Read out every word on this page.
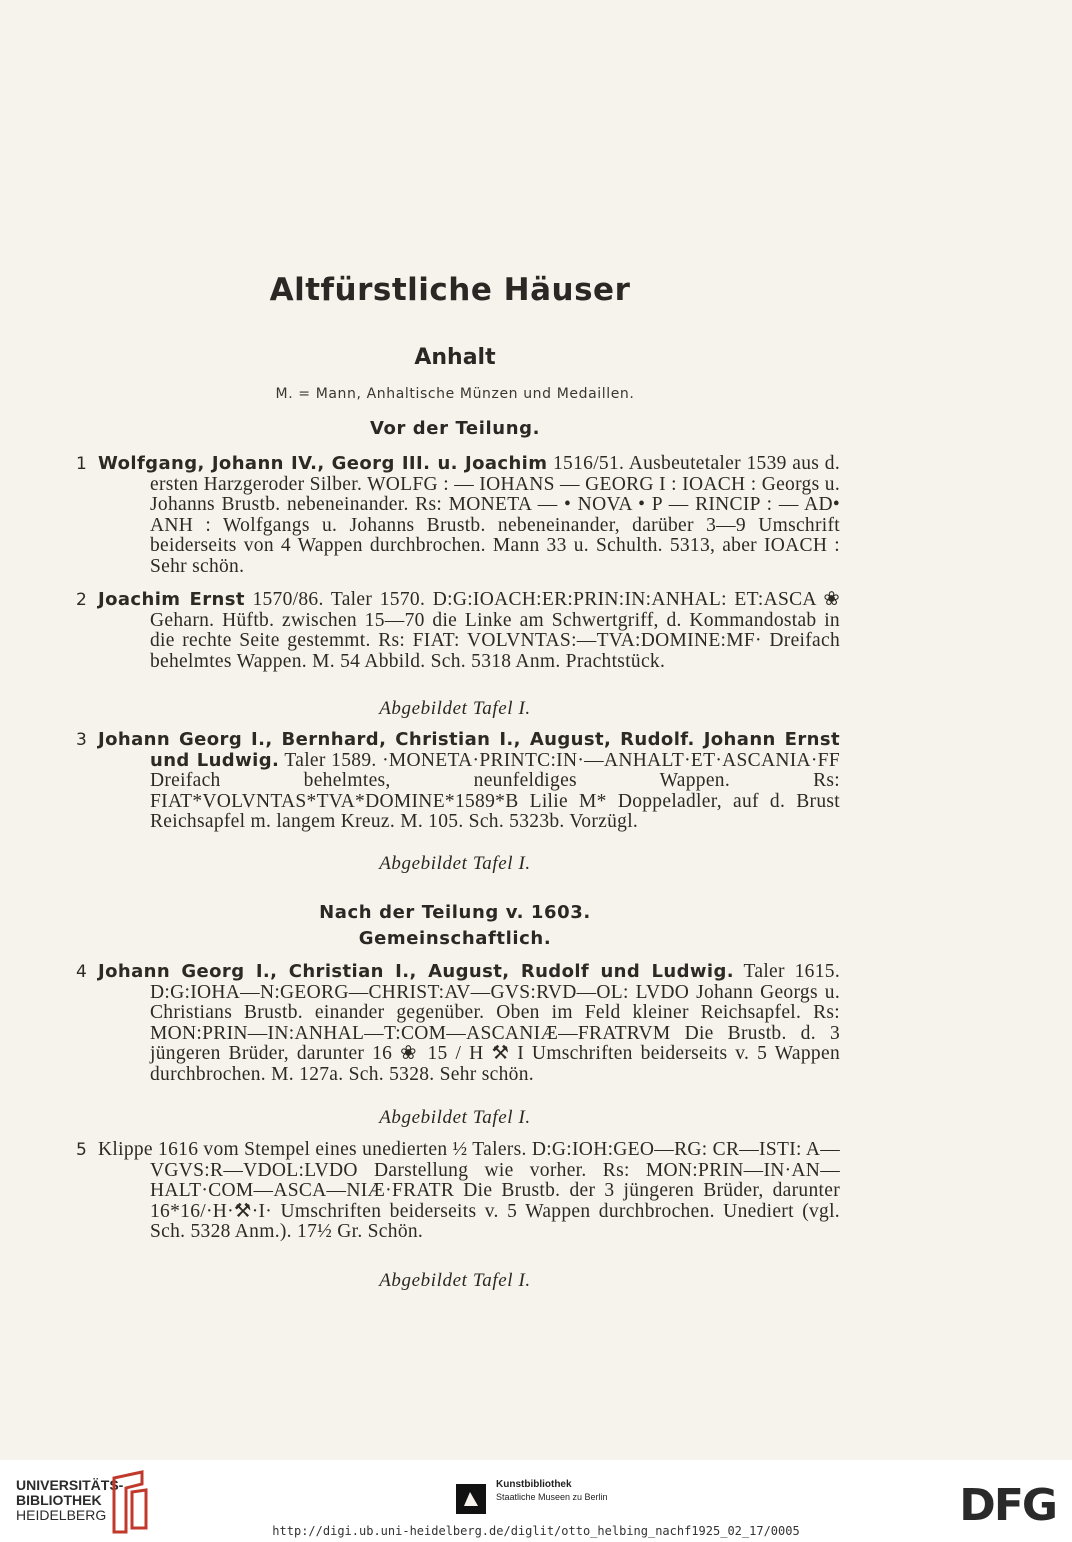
Altfürstliche Häuser
Anhalt
M. = Mann, Anhaltische Münzen und Medaillen.
Vor der Teilung.
1 Wolfgang, Johann IV., Georg III. u. Joachim 1516/51. Ausbeutetaler 1539 aus d. ersten Harzgeroder Silber. WOLFG : — IOHANS — GEORG I : IOACH : Georgs u. Johanns Brustb. nebeneinander. Rs: MONETA — • NOVA • P — RINCIP : — AD• ANH : Wolfgangs u. Johanns Brustb. nebeneinander, darüber 3—9 Umschrift beiderseits von 4 Wappen durchbrochen. Mann 33 u. Schulth. 5313, aber IOACH : Sehr schön.

2 Joachim Ernst 1570/86. Taler 1570. D:G:IOACH:ER:PRIN:IN:ANHAL: ET:ASCA ❀ Geharn. Hüftb. zwischen 15—70 die Linke am Schwertgriff, d. Kommandostab in die rechte Seite gestemmt. Rs: FIAT: VOLVNTAS:—TVA:DOMINE:MF· Dreifach behelmtes Wappen. M. 54 Abbild. Sch. 5318 Anm. Prachtstück.

Abgebildet Tafel I.
3 Johann Georg I., Bernhard, Christian I., August, Rudolf. Johann Ernst und Ludwig. Taler 1589. ·MONETA·PRINTC:IN·—ANHALT·ET·ASCANIA·FF Dreifach behelmtes, neunfeldiges Wappen. Rs: FIAT*VOLVNTAS*TVA*DOMINE*1589*B Lilie M* Doppeladler, auf d. Brust Reichsapfel m. langem Kreuz. M. 105. Sch. 5323b. Vorzügl.

Abgebildet Tafel I.
Nach der Teilung v. 1603.
Gemeinschaftlich.
4 Johann Georg I., Christian I., August, Rudolf und Ludwig. Taler 1615. D:G:IOHA—N:GEORG—CHRIST:AV—GVS:RVD—OL: LVDO Johann Georgs u. Christians Brustb. einander gegenüber. Oben im Feld kleiner Reichsapfel. Rs: MON:PRIN—IN:ANHAL—T:COM—ASCANIÆ—FRATRVM Die Brustb. d. 3 jüngeren Brüder, darunter 16 ❀ 15 / H ⚒ I Umschriften beiderseits v. 5 Wappen durchbrochen. M. 127a. Sch. 5328. Sehr schön.

Abgebildet Tafel I.
5 Klippe 1616 vom Stempel eines unedierten ½ Talers. D:G:IOH:GEO—RG: CR—ISTI: A—VGVS:R—VDOL:LVDO Darstellung wie vorher. Rs: MON:PRIN—IN·AN—HALT·COM—ASCA—NIÆ·FRATR Die Brustb. der 3 jüngeren Brüder, darunter 16*16/·H·⚒·I· Umschriften beiderseits v. 5 Wappen durchbrochen. Unediert (vgl. Sch. 5328 Anm.). 17½ Gr. Schön.

Abgebildet Tafel I.
UNIVERSITÄTS-
BIBLIOTHEK
HEIDELBERG
Kunstbibliothek
Staatliche Museen zu Berlin	DFG
http://digi.ub.uni-heidelberg.de/diglit/otto_helbing_nachf1925_02_17/0005
